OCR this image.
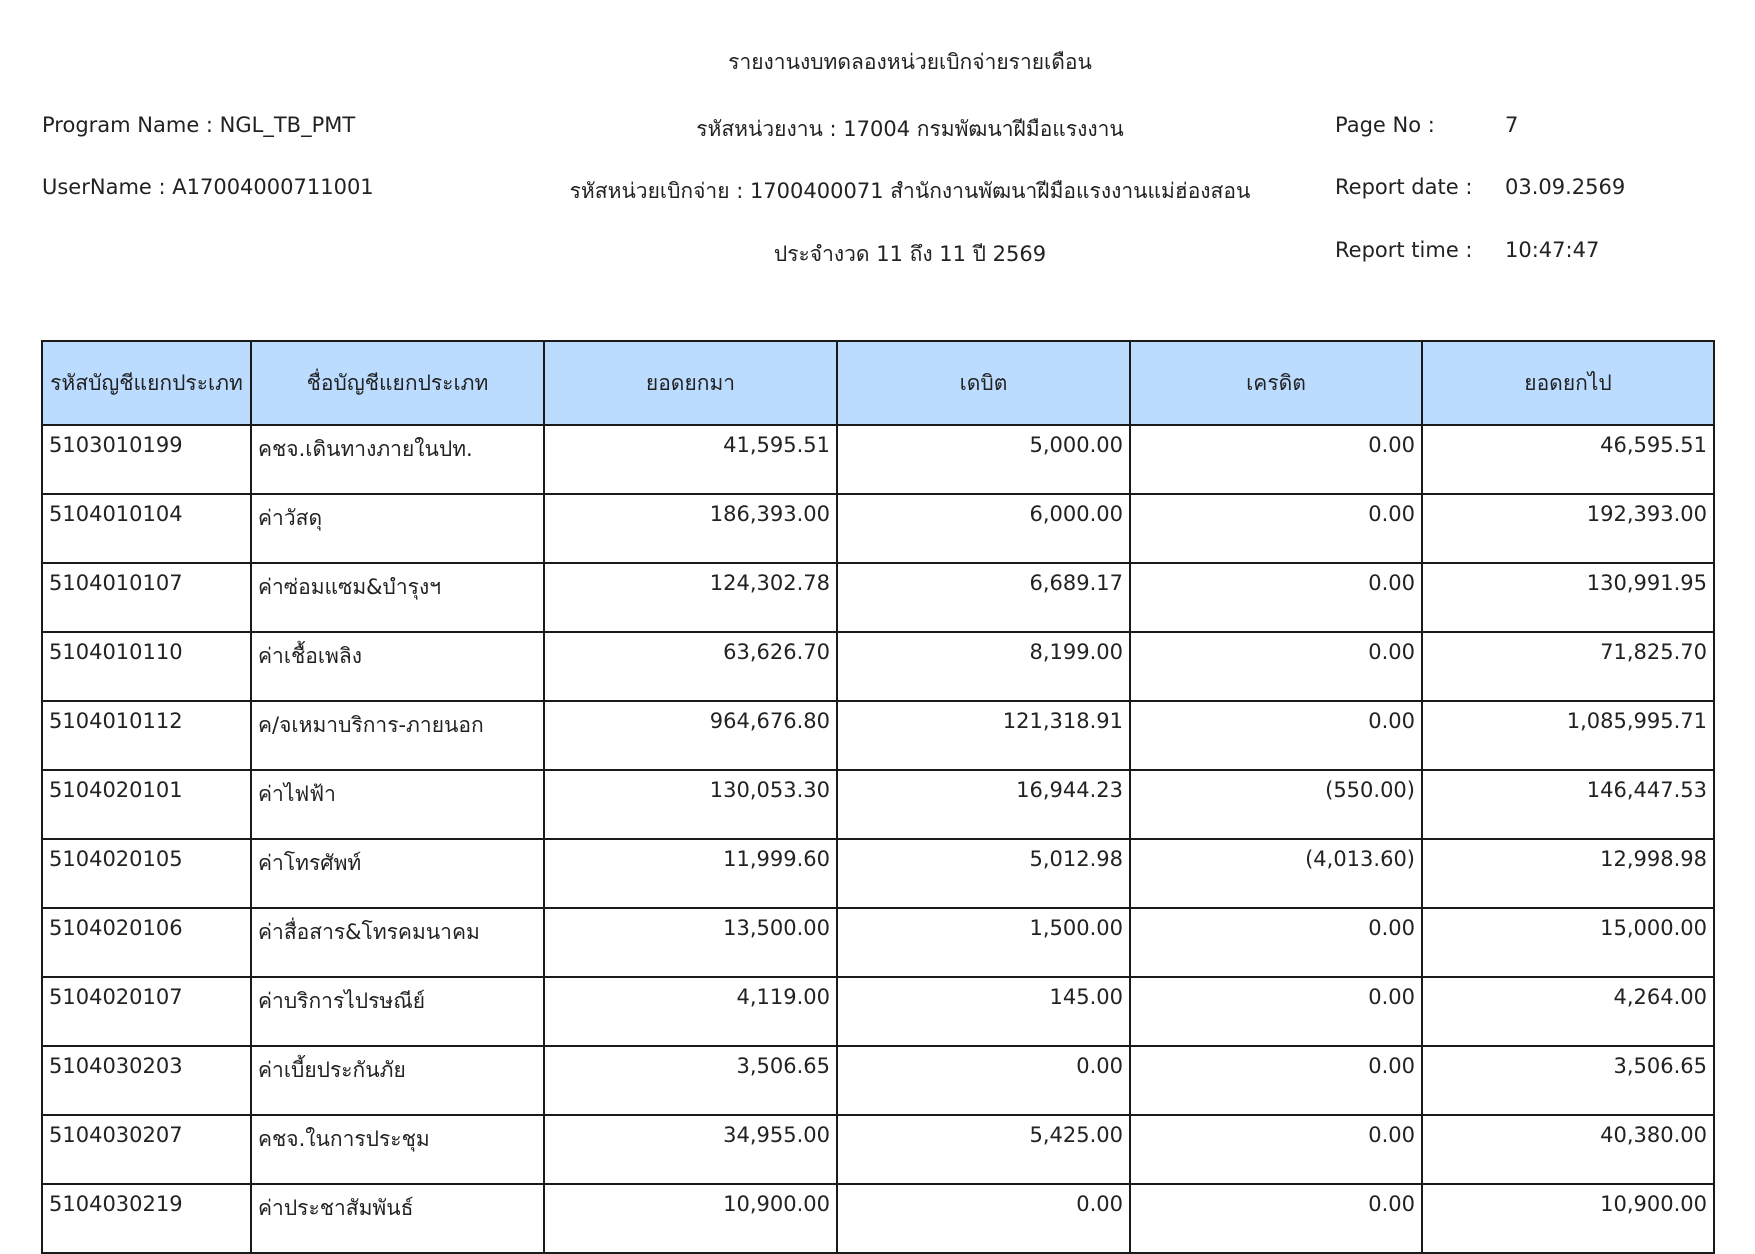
รายงานงบทดลองหน่วยเบิกจ่ายรายเดือน
Program Name : NGL_TB_PMT	รหัสหน่วยงาน : 17004 กรมพัฒนาฝีมือแรงงาน	Page No :	7
UserName : A17004000711001	รหัสหน่วยเบิกจ่าย : 1700400071 สำนักงานพัฒนาฝีมือแรงงานแม่ฮ่องสอน	Report date : 03.09.2569
ประจำงวด 11 ถึง 11 ปี 2569	Report time : 10:47:47
รหัสบัญชีแยกประเภท	ชื่อบัญชีแยกประเภท	ยอดยกมา	เดบิต	เครดิต	ยอดยกไป
5103010199	คชจ.เดินทางภายในปท.	41,595.51	5,000.00	0.00	46,595.51
5104010104	ค่าวัสดุ	186,393.00	6,000.00	0.00	192,393.00
5104010107	ค่าซ่อมแซม&บำรุงฯ	124,302.78	6,689.17	0.00	130,991.95
5104010110	ค่าเชื้อเพลิง	63,626.70	8,199.00	0.00	71,825.70
5104010112	ค/จเหมาบริการ-ภายนอก	964,676.80	121,318.91	0.00	1,085,995.71
5104020101	ค่าไฟฟ้า	130,053.30	16,944.23	(550.00)	146,447.53
5104020105	ค่าโทรศัพท์	11,999.60	5,012.98	(4,013.60)	12,998.98
5104020106	ค่าสื่อสาร&โทรคมนาคม	13,500.00	1,500.00	0.00	15,000.00
5104020107	ค่าบริการไปรษณีย์	4,119.00	145.00	0.00	4,264.00
5104030203	ค่าเบี้ยประกันภัย	3,506.65	0.00	0.00	3,506.65
5104030207	คชจ.ในการประชุม	34,955.00	5,425.00	0.00	40,380.00
5104030219	ค่าประชาสัมพันธ์	10,900.00	0.00	0.00	10,900.00
